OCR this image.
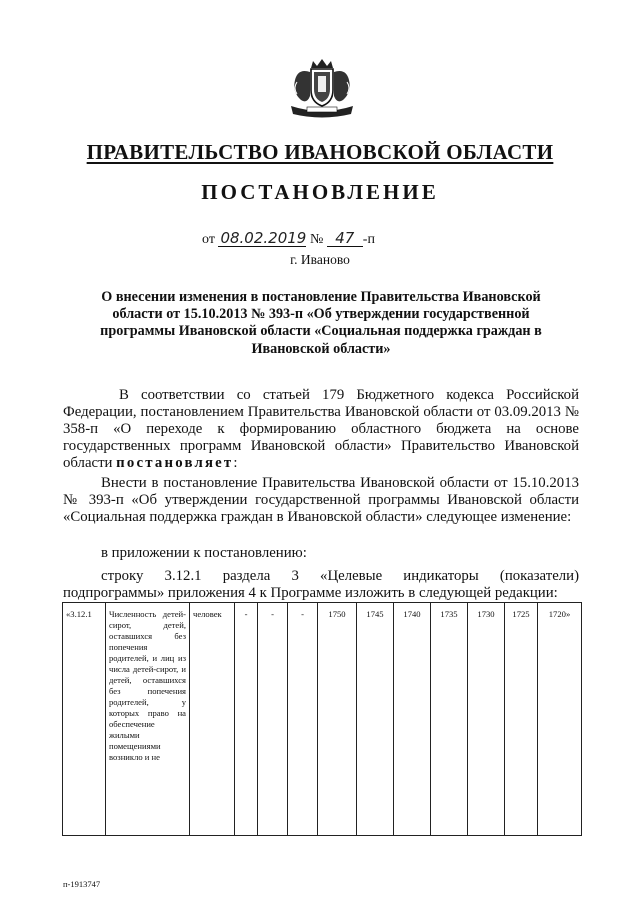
ПРАВИТЕЛЬСТВО ИВАНОВСКОЙ ОБЛАСТИ
ПОСТАНОВЛЕНИЕ
от 08.02.2019 № 47 -п
г. Иваново
О внесении изменения в постановление Правительства Ивановской области от 15.10.2013 № 393-п «Об утверждении государственной программы Ивановской области «Социальная поддержка граждан в Ивановской области»
В соответствии со статьей 179 Бюджетного кодекса Российской Федерации, постановлением Правительства Ивановской области от 03.09.2013 № 358-п «О переходе к формированию областного бюджета на основе государственных программ Ивановской области» Правительство Ивановской области постановляет:
Внести в постановление Правительства Ивановской области от 15.10.2013 № 393-п «Об утверждении государственной программы Ивановской области «Социальная поддержка граждан в Ивановской области» следующее изменение:
в приложении к постановлению:
строку 3.12.1 раздела 3 «Целевые индикаторы (показатели) подпрограммы» приложения 4 к Программе изложить в следующей редакции:
«3.12.1	Численность детей-сирот, детей, оставшихся без попечения родителей, и лиц из числа детей-сирот, и детей, оставшихся без попечения родителей, у которых право на обеспечение жилыми помещениями возникло и не	человек	-	-	-	1750	1745	1740	1735	1730	1725	1720»
п-1913747
